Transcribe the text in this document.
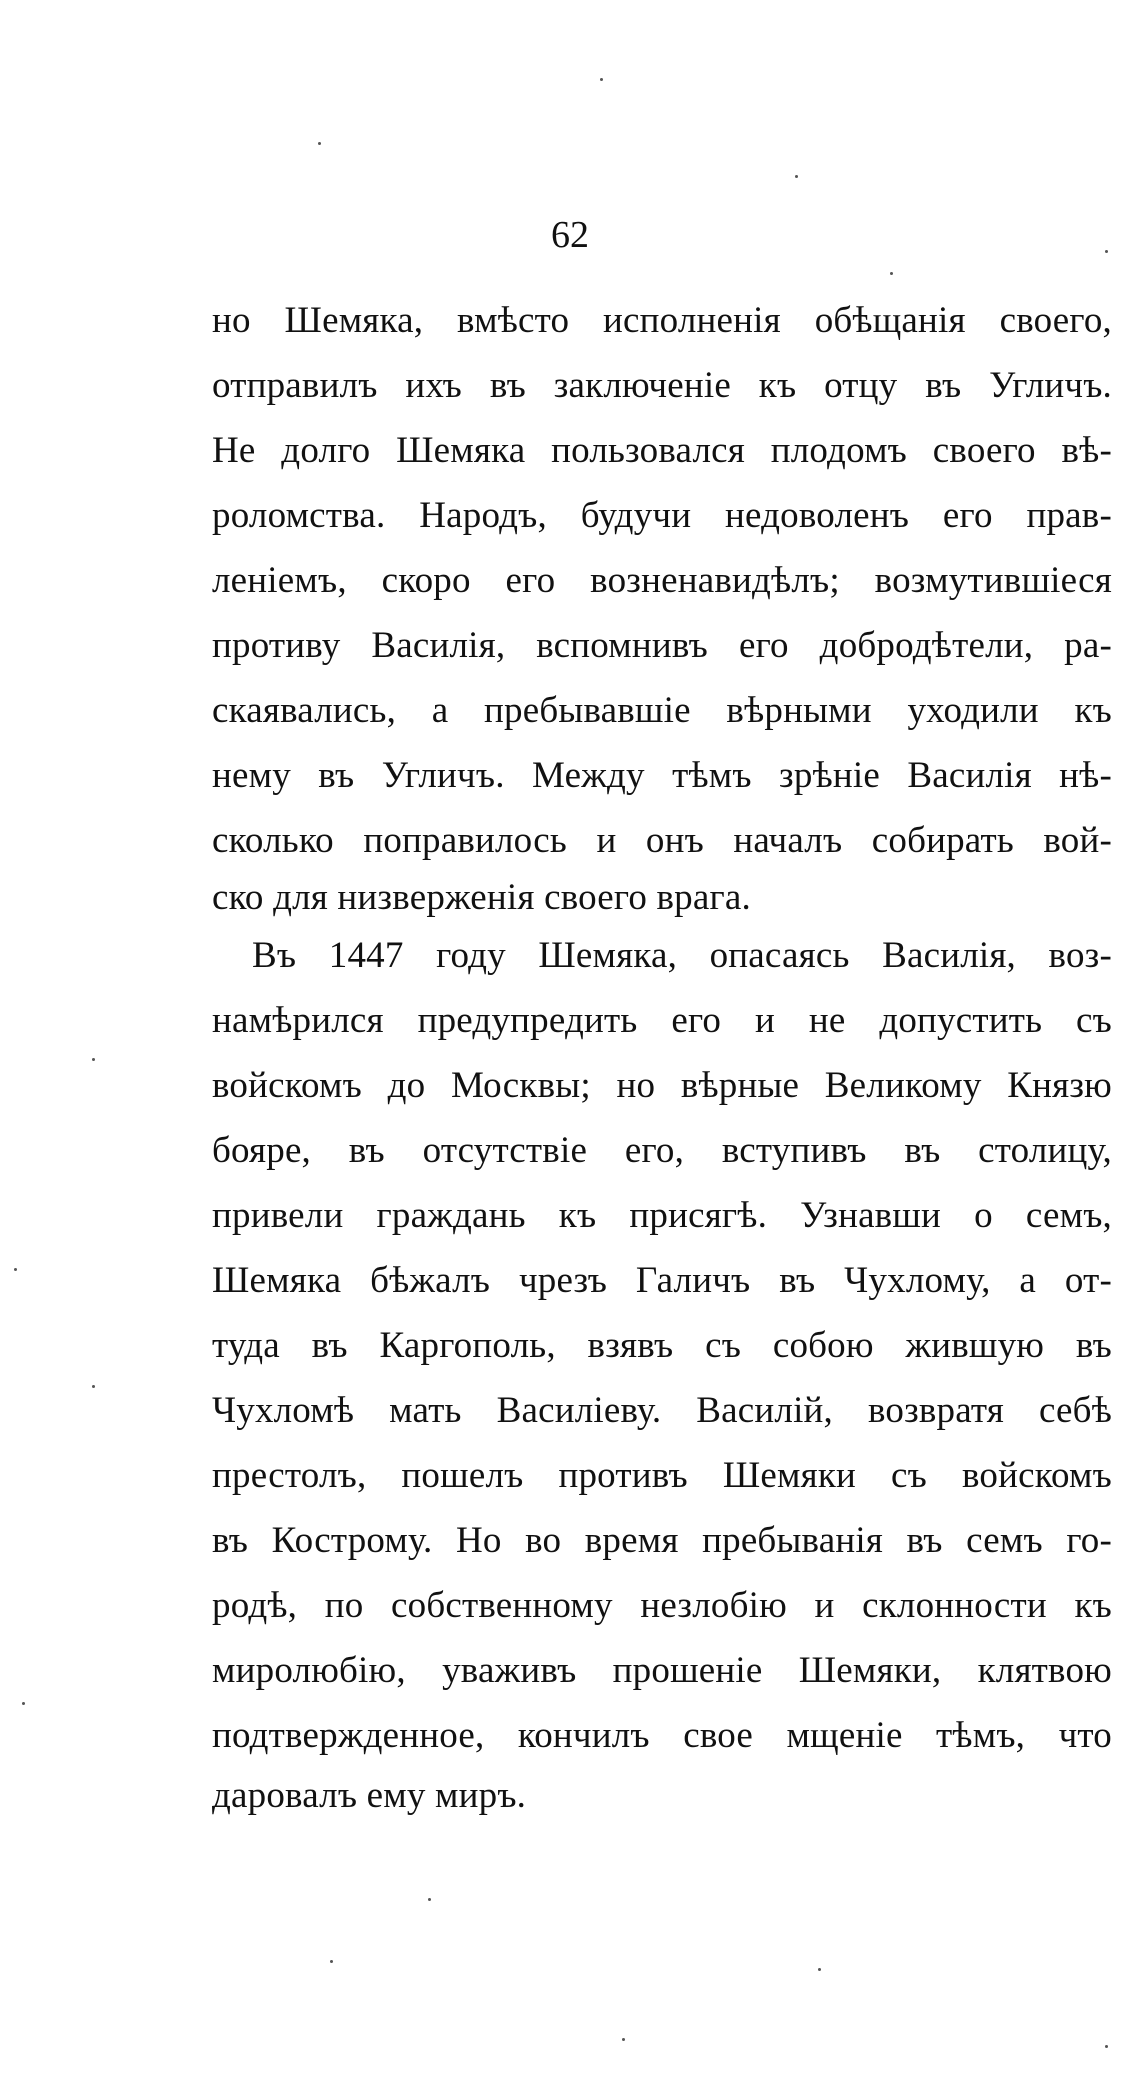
62
но Шемяка, вмѣсто исполненія обѣщанія своего,
отправилъ ихъ въ заключеніе къ отцу въ Угличъ.
Не долго Шемяка пользовался плодомъ своего вѣ-
роломства. Народъ, будучи недоволенъ его прав-
леніемъ, скоро его возненавидѣлъ; возмутившіеся
противу Василія, вспомнивъ его добродѣтели, ра-
скаявались, а пребывавшіе вѣрными уходили къ
нему въ Угличъ. Между тѣмъ зрѣніе Василія нѣ-
сколько поправилось и онъ началъ собирать вой-
ско для низверженія своего врага.
Въ 1447 году Шемяка, опасаясь Василія, воз-
намѣрился предупредить его и не допустить съ
войскомъ до Москвы; но вѣрные Великому Князю
бояре, въ отсутствіе его, вступивъ въ столицу,
привели граждань къ присягѣ. Узнавши о семъ,
Шемяка бѣжалъ чрезъ Галичъ въ Чухлому, а от-
туда въ Каргополь, взявъ съ собою жившую въ
Чухломѣ мать Василіеву. Василій, возвратя себѣ
престолъ, пошелъ противъ Шемяки съ войскомъ
въ Кострому. Но во время пребыванія въ семъ го-
родѣ, по собственному незлобію и склонности къ
миролюбію, уваживъ прошеніе Шемяки, клятвою
подтвержденное, кончилъ свое мщеніе тѣмъ, что
даровалъ ему миръ.
